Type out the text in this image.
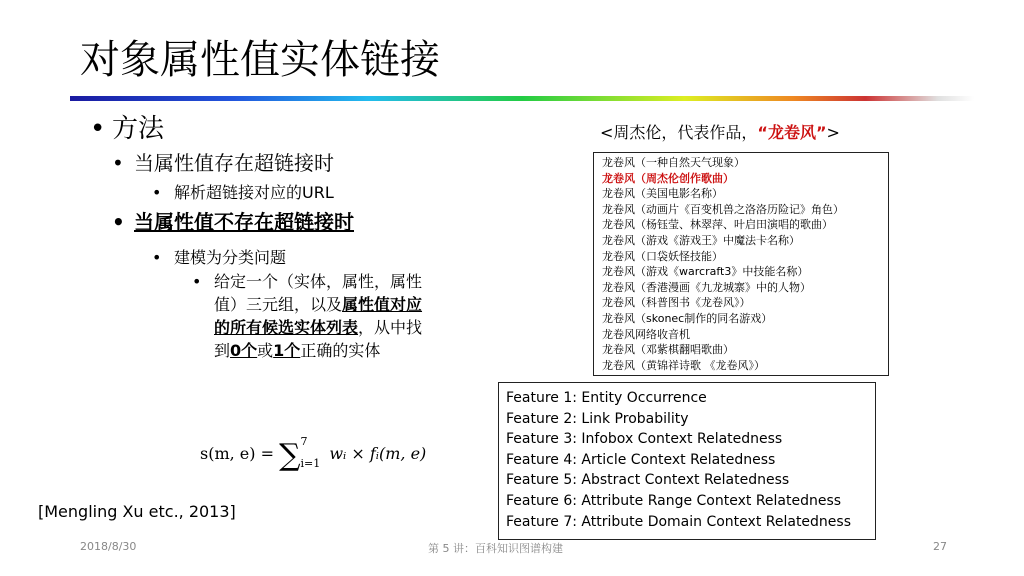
对象属性值实体链接
• 方法
• 当属性值存在超链接时
• 解析超链接对应的URL
• 当属性值不存在超链接时
• 建模为分类问题
• 给定一个（实体，属性，属性
值）三元组，以及属性值对应
的所有候选实体列表，从中找
到0个或1个正确的实体
s(m, e) = ∑ 7
i=1
wᵢ × fᵢ(m, e)
[Mengling Xu etc., 2013]
<周杰伦，代表作品，“龙卷风”>
龙卷风（一种自然天气现象）
龙卷风（周杰伦创作歌曲）
龙卷风（美国电影名称）
龙卷风（动画片《百变机兽之洛洛历险记》角色）
龙卷风（杨钰莹、林翠萍、叶启田演唱的歌曲）
龙卷风（游戏《游戏王》中魔法卡名称）
龙卷风（口袋妖怪技能）
龙卷风（游戏《warcraft3》中技能名称）
龙卷风（香港漫画《九龙城寨》中的人物）
龙卷风（科普图书《龙卷风》）
龙卷风（skonec制作的同名游戏）
龙卷风网络收音机
龙卷风（邓紫棋翻唱歌曲）
龙卷风（黄锦祥诗歌 《龙卷风》）
Feature 1: Entity Occurrence
Feature 2: Link Probability
Feature 3: Infobox Context Relatedness
Feature 4: Article Context Relatedness
Feature 5: Abstract Context Relatedness
Feature 6: Attribute Range Context Relatedness
Feature 7: Attribute Domain Context Relatedness
2018/8/30	第 5 讲：百科知识图谱构建	27
